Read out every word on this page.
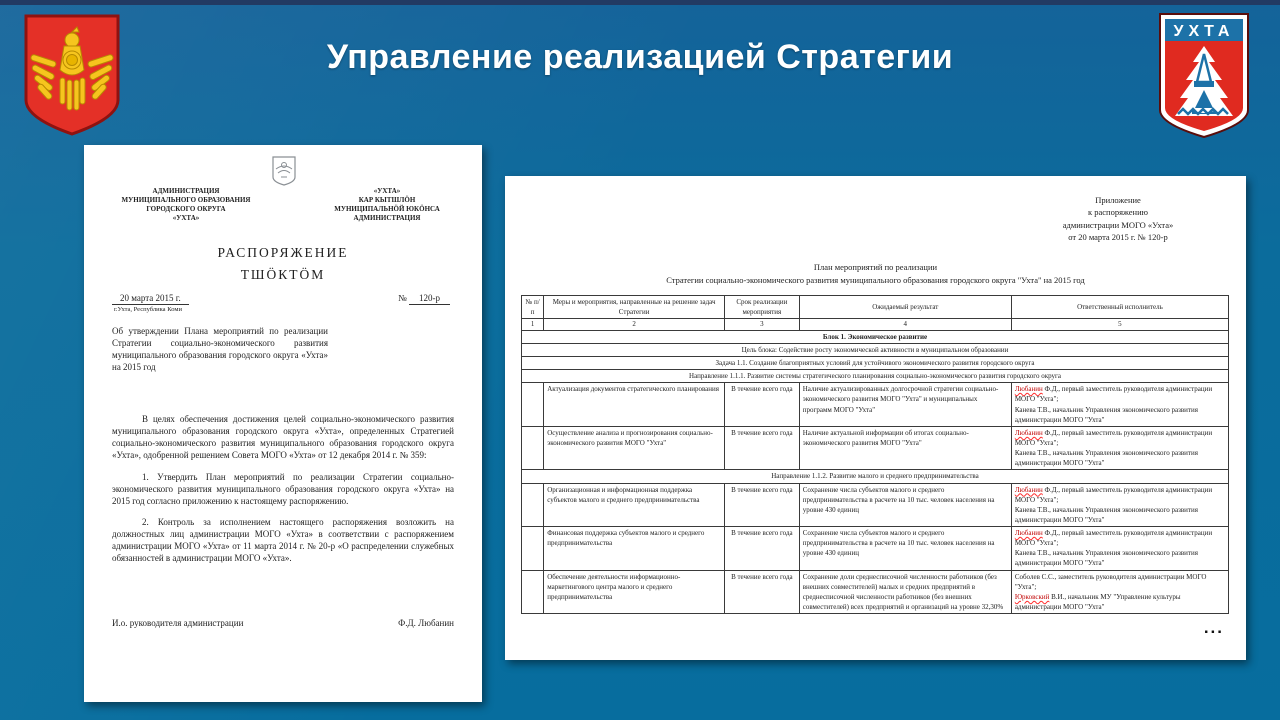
УХТА
Управление реализацией Стратегии
АДМИНИСТРАЦИЯ
МУНИЦИПАЛЬНОГО ОБРАЗОВАНИЯ
ГОРОДСКОГО ОКРУГА
«УХТА»
«УХТА»
КАР КЫТШЛÖН
МУНИЦИПАЛЬНÖЙ ЮКÖНСА
АДМИНИСТРАЦИЯ
РАСПОРЯЖЕНИЕ
ТШÖКТÖМ
20 марта 2015 г.
г.Ухта, Республика Коми
№ 120-р
Об утверждении Плана мероприятий по реализации Стратегии социально-экономического развития муниципального образования городского округа «Ухта» на 2015 год

В целях обеспечения достижения целей социально-экономического развития муниципального образования городского округа «Ухта», определенных Стратегией социально-экономического развития муниципального образования городского округа «Ухта», одобренной решением Совета МОГО «Ухта» от 12 декабря 2014 г. № 359:

1. Утвердить План мероприятий по реализации Стратегии социально-экономического развития муниципального образования городского округа «Ухта» на 2015 год согласно приложению к настоящему распоряжению.

2. Контроль за исполнением настоящего распоряжения возложить на должностных лиц администрации МОГО «Ухта» в соответствии с распоряжением администрации МОГО «Ухта» от 11 марта 2014 г. № 20-р «О распределении служебных обязанностей в администрации МОГО «Ухта».

И.о. руководителя администрации	Ф.Д. Любанин
Приложение
к распоряжению
администрации МОГО «Ухта»
от 20 марта 2015 г. № 120-р
План мероприятий по реализации
Стратегии социально-экономического развития муниципального образования городского округа "Ухта" на 2015 год
№ п/п	Меры и мероприятия, направленные на решение задач Стратегии	Срок реализации мероприятия	Ожидаемый результат	Ответственный исполнитель
1	2	3	4	5
Блок 1. Экономическое развитие				
Цель блока: Содействие росту экономической активности в муниципальном образовании				
Задача 1.1. Создание благоприятных условий для устойчивого экономического развития городского округа				
Направление 1.1.1. Развитие системы стратегического планирования социально-экономического развития городского округа				
	Актуализация документов стратегического планирования	В течение всего года	Наличие актуализированных долгосрочной стратегии социально-экономического развития МОГО "Ухта" и муниципальных программ МОГО "Ухта"	Любанин Ф.Д., первый заместитель руководителя администрации МОГО "Ухта";
Канева Т.В., начальник Управления экономического развития администрации МОГО "Ухта"
	Осуществление анализа и прогнозирования социально-экономического развития МОГО "Ухта"	В течение всего года	Наличие актуальной информации об итогах социально-экономического развития МОГО "Ухта"	Любанин Ф.Д., первый заместитель руководителя администрации МОГО "Ухта";
Канева Т.В., начальник Управления экономического развития администрации МОГО "Ухта"
Направление 1.1.2. Развитие малого и среднего предпринимательства				
	Организационная и информационная поддержка субъектов малого и среднего предпринимательства	В течение всего года	Сохранение числа субъектов малого и среднего предпринимательства в расчете на 10 тыс. человек населения на уровне 430 единиц	Любанин Ф.Д., первый заместитель руководителя администрации МОГО "Ухта";
Канева Т.В., начальник Управления экономического развития администрации МОГО "Ухта"
	Финансовая поддержка субъектов малого и среднего предпринимательства	В течение всего года	Сохранение числа субъектов малого и среднего предпринимательства в расчете на 10 тыс. человек населения на уровне 430 единиц	Любанин Ф.Д., первый заместитель руководителя администрации МОГО "Ухта";
Канева Т.В., начальник Управления экономического развития администрации МОГО "Ухта"
	Обеспечение деятельности информационно-маркетингового центра малого и среднего предпринимательства	В течение всего года	Сохранение доли среднесписочной численности работников (без внешних совместителей) малых и средних предприятий в среднесписочной численности работников (без внешних совместителей) всех предприятий и организаций на уровне 32,30%	Соболев С.С., заместитель руководителя администрации МОГО "Ухта";
Юрковский В.И., начальник МУ "Управление культуры администрации МОГО "Ухта"
...
